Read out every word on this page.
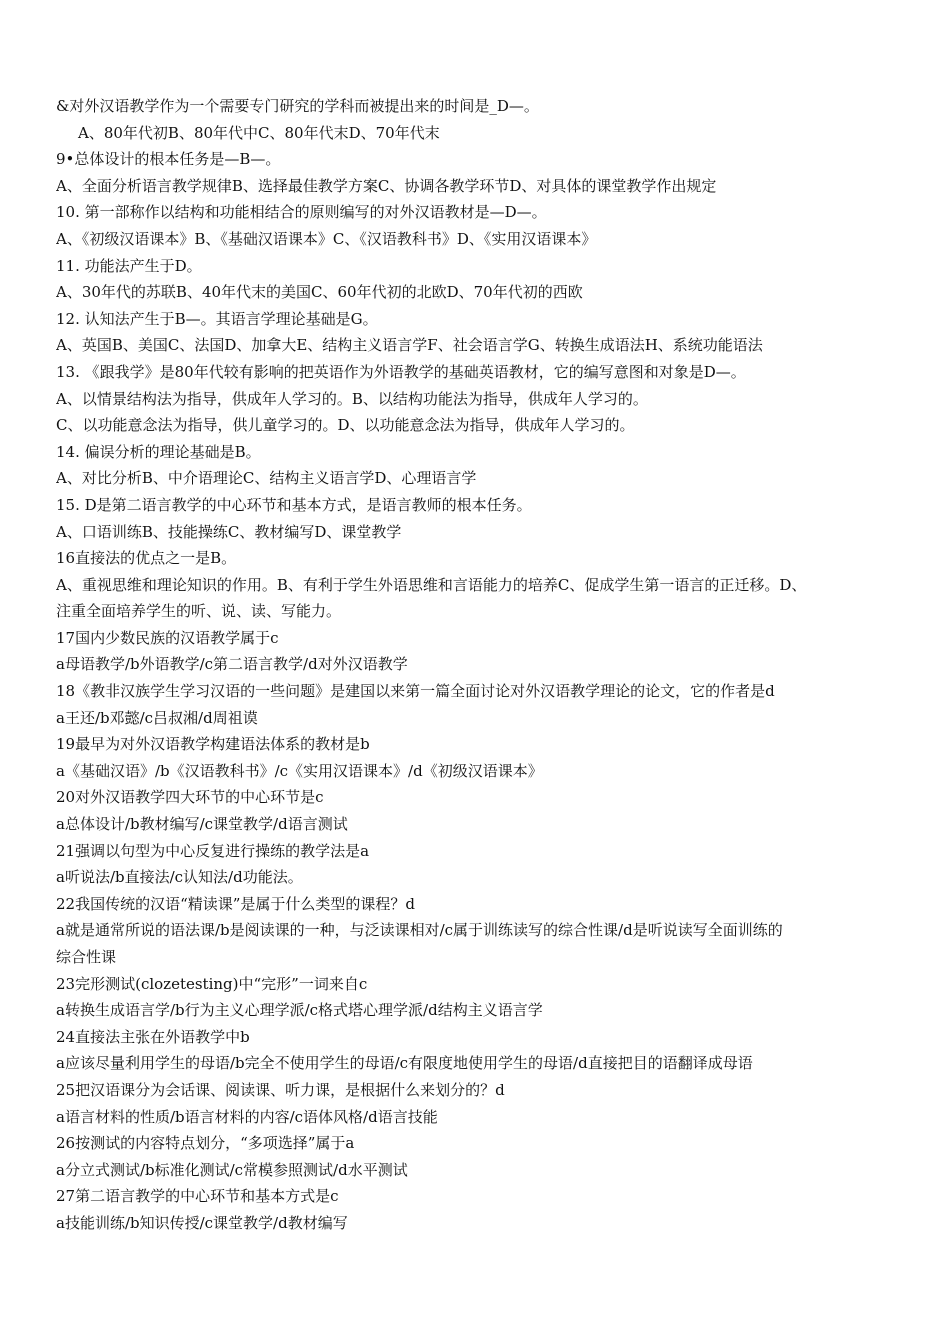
&对外汉语教学作为一个需要专门研究的学科而被提出来的时间是_D—。
A、80年代初B、80年代中C、80年代末D、70年代末
9•总体设计的根本任务是—B—。
A、全面分析语言教学规律B、选择最佳教学方案C、协调各教学环节D、对具体的课堂教学作出规定
10. 第一部称作以结构和功能相结合的原则编写的对外汉语教材是—D—。
A、《初级汉语课本》B、《基础汉语课本》C、《汉语教科书》D、《实用汉语课本》
11. 功能法产生于D。
A、30年代的苏联B、40年代末的美国C、60年代初的北欧D、70年代初的西欧
12. 认知法产生于B—。其语言学理论基础是G。
A、英国B、美国C、法国D、加拿大E、结构主义语言学F、社会语言学G、转换生成语法H、系统功能语法
13. 《跟我学》是80年代较有影响的把英语作为外语教学的基础英语教材，它的编写意图和对象是D—。
A、以情景结构法为指导，供成年人学习的。B、以结构功能法为指导，供成年人学习的。
C、以功能意念法为指导，供儿童学习的。D、以功能意念法为指导，供成年人学习的。
14. 偏误分析的理论基础是B。
A、对比分析B、中介语理论C、结构主义语言学D、心理语言学
15. D是第二语言教学的中心环节和基本方式，是语言教师的根本任务。
A、口语训练B、技能操练C、教材编写D、课堂教学
16直接法的优点之一是B。
A、重视思维和理论知识的作用。B、有利于学生外语思维和言语能力的培养C、促成学生第一语言的正迁移。D、
注重全面培养学生的听、说、读、写能力。
17国内少数民族的汉语教学属于c
a母语教学/b外语教学/c第二语言教学/d对外汉语教学
18《教非汉族学生学习汉语的一些问题》是建国以来第一篇全面讨论对外汉语教学理论的论文，它的作者是d
a王还/b邓懿/c吕叔湘/d周祖谟
19最早为对外汉语教学构建语法体系的教材是b
a《基础汉语》/b《汉语教科书》/c《实用汉语课本》/d《初级汉语课本》
20对外汉语教学四大环节的中心环节是c
a总体设计/b教材编写/c课堂教学/d语言测试
21强调以句型为中心反复进行操练的教学法是a
a听说法/b直接法/c认知法/d功能法。
22我国传统的汉语“精读课”是属于什么类型的课程？d
a就是通常所说的语法课/b是阅读课的一种，与泛读课相对/c属于训练读写的综合性课/d是听说读写全面训练的
综合性课
23完形测试(clozetesting)中“完形”一词来自c
a转换生成语言学/b行为主义心理学派/c格式塔心理学派/d结构主义语言学
24直接法主张在外语教学中b
a应该尽量利用学生的母语/b完全不使用学生的母语/c有限度地使用学生的母语/d直接把目的语翻译成母语
25把汉语课分为会话课、阅读课、听力课，是根据什么来划分的？d
a语言材料的性质/b语言材料的内容/c语体风格/d语言技能
26按测试的内容特点划分，“多项选择”属于a
a分立式测试/b标准化测试/c常模参照测试/d水平测试
27第二语言教学的中心环节和基本方式是c
a技能训练/b知识传授/c课堂教学/d教材编写
